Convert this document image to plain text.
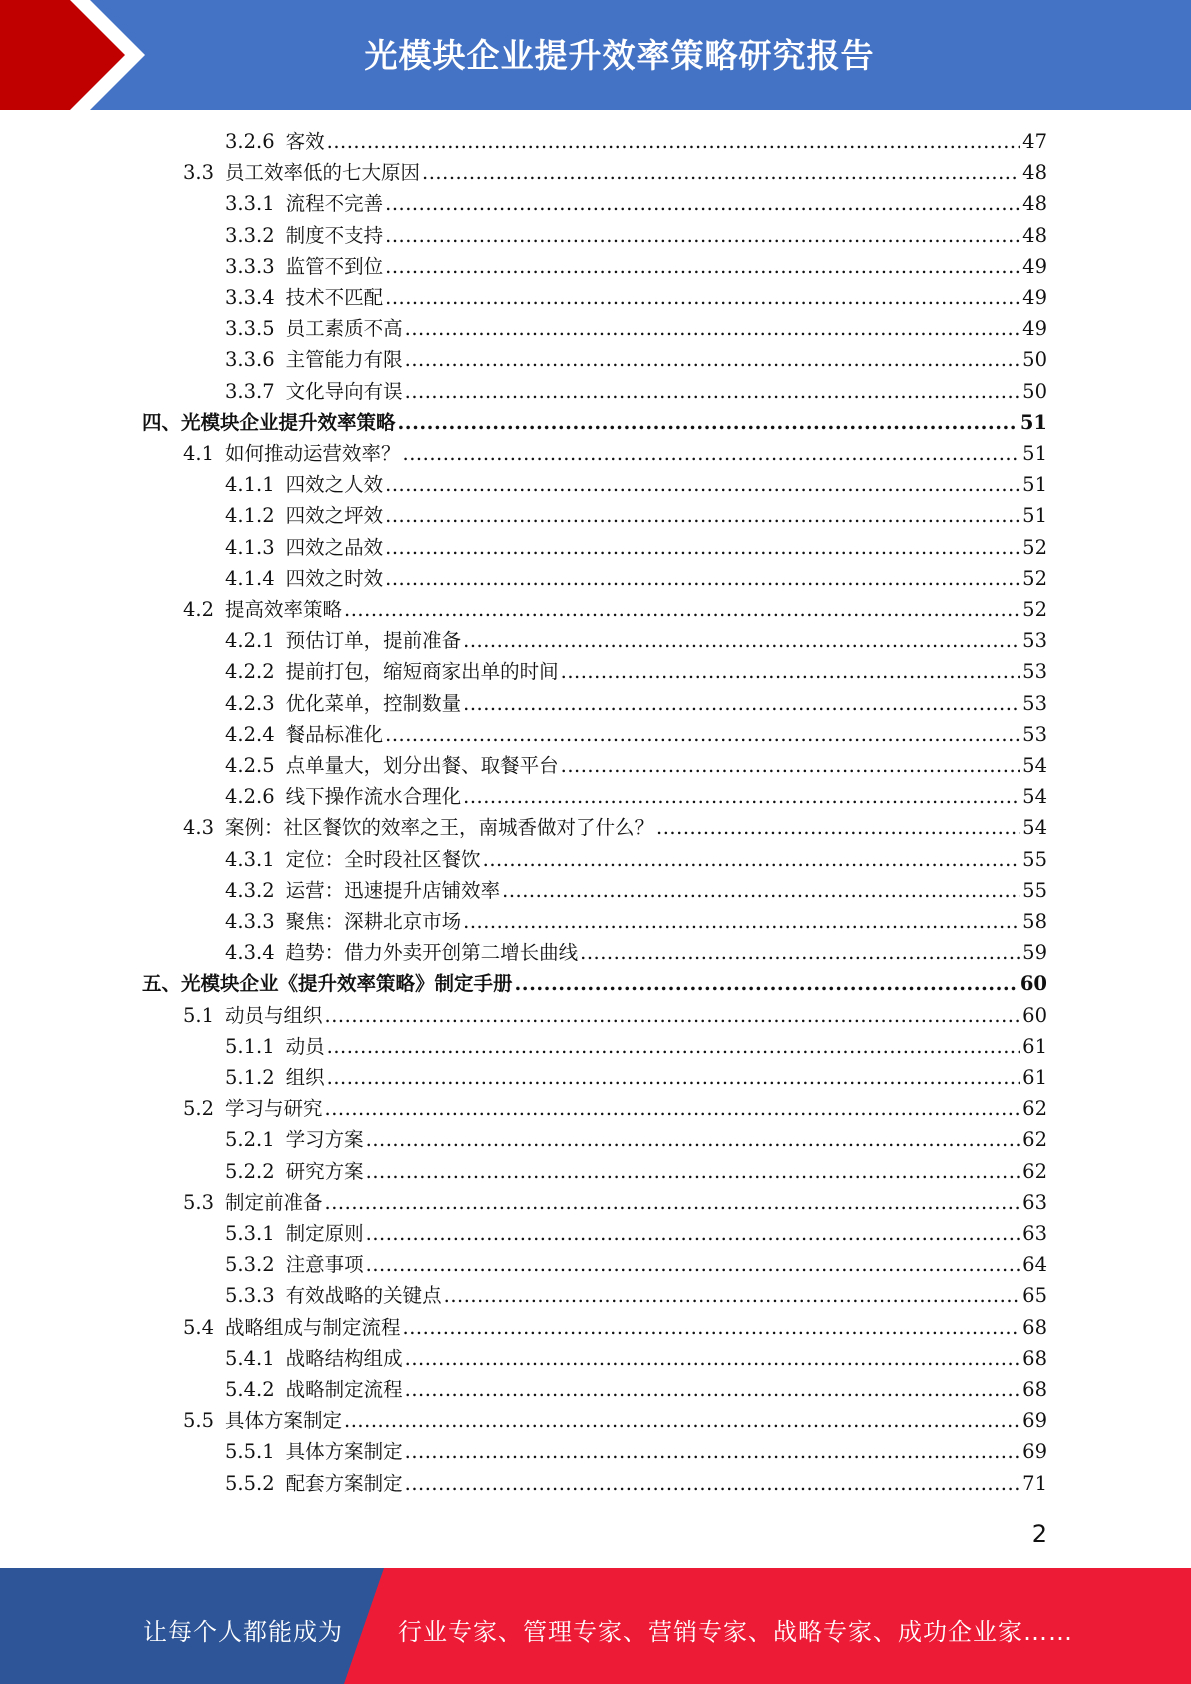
光模块企业提升效率策略研究报告
3.2.6 客效 .....	47
3.3 员工效率低的七大原因 .....	48
3.3.1 流程不完善 .....	48
3.3.2 制度不支持 .....	48
3.3.3 监管不到位 .....	49
3.3.4 技术不匹配 .....	49
3.3.5 员工素质不高 .....	49
3.3.6 主管能力有限 .....	50
3.3.7 文化导向有误 .....	50
四、光模块企业提升效率策略 .....	51
4.1 如何推动运营效率？ .....	51
4.1.1 四效之人效 .....	51
4.1.2 四效之坪效 .....	51
4.1.3 四效之品效 .....	52
4.1.4 四效之时效 .....	52
4.2 提高效率策略 .....	52
4.2.1 预估订单，提前准备 .....	53
4.2.2 提前打包，缩短商家出单的时间 .....	53
4.2.3 优化菜单，控制数量 .....	53
4.2.4 餐品标准化 .....	53
4.2.5 点单量大，划分出餐、取餐平台 .....	54
4.2.6 线下操作流水合理化 .....	54
4.3 案例：社区餐饮的效率之王，南城香做对了什么？ .....	54
4.3.1 定位：全时段社区餐饮 .....	55
4.3.2 运营：迅速提升店铺效率 .....	55
4.3.3 聚焦：深耕北京市场 .....	58
4.3.4 趋势：借力外卖开创第二增长曲线 .....	59
五、光模块企业《提升效率策略》制定手册 .....	60
5.1 动员与组织 .....	60
5.1.1 动员 .....	61
5.1.2 组织 .....	61
5.2 学习与研究 .....	62
5.2.1 学习方案 .....	62
5.2.2 研究方案 .....	62
5.3 制定前准备 .....	63
5.3.1 制定原则 .....	63
5.3.2 注意事项 .....	64
5.3.3 有效战略的关键点 .....	65
5.4 战略组成与制定流程 .....	68
5.4.1 战略结构组成 .....	68
5.4.2 战略制定流程 .....	68
5.5 具体方案制定 .....	69
5.5.1 具体方案制定 .....	69
5.5.2 配套方案制定 .....	71
2
让每个人都能成为 行业专家、管理专家、营销专家、战略专家、成功企业家……
